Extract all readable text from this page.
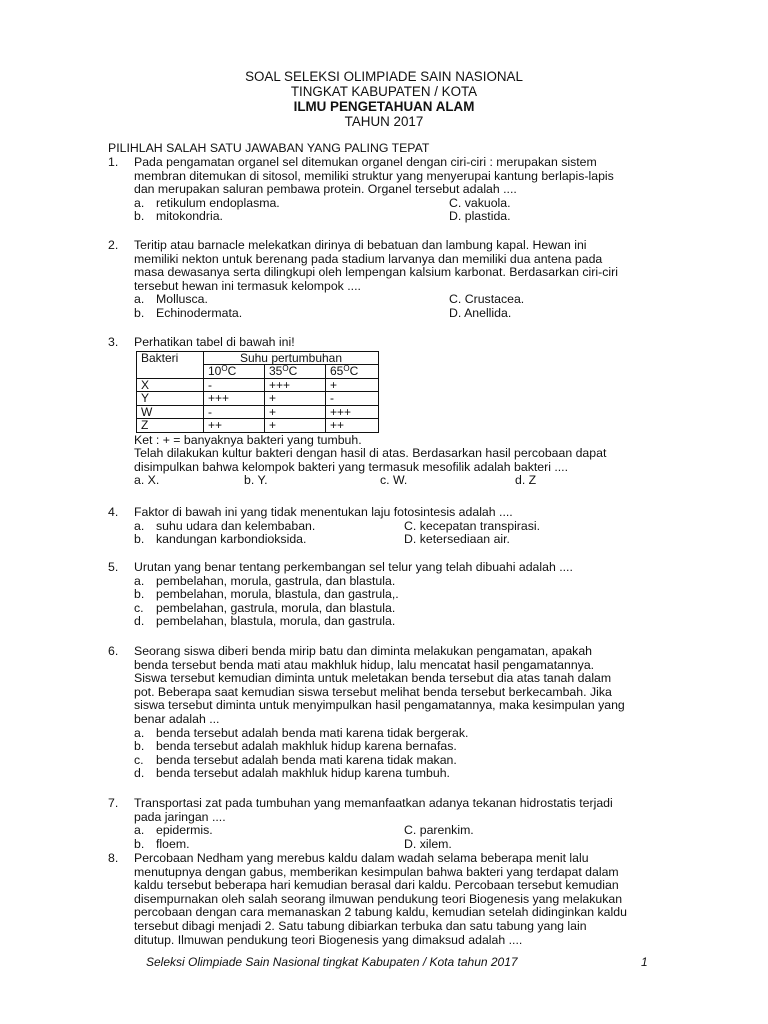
SOAL SELEKSI OLIMPIADE SAIN NASIONAL
TINGKAT KABUPATEN / KOTA
ILMU PENGETAHUAN ALAM
TAHUN 2017
PILIHLAH SALAH SATU JAWABAN YANG PALING TEPAT
1. Pada pengamatan organel sel ditemukan organel dengan ciri-ciri : merupakan sistem
membran ditemukan di sitosol, memiliki struktur yang menyerupai kantung berlapis-lapis
dan merupakan saluran pembawa protein. Organel tersebut adalah ....
a. retikulum endoplasma.	C. vakuola.
b. mitokondria.	D. plastida.
2. Teritip atau barnacle melekatkan dirinya di bebatuan dan lambung kapal. Hewan ini
memiliki nekton untuk berenang pada stadium larvanya dan memiliki dua antena pada
masa dewasanya serta dilingkupi oleh lempengan kalsium karbonat. Berdasarkan ciri-ciri
tersebut hewan ini termasuk kelompok ....
a. Mollusca.	C. Crustacea.
b. Echinodermata.	D. Anellida.
3. Perhatikan tabel di bawah ini!
Bakteri	Suhu pertumbuhan		
	$10^OC$	$35^OC$	$65^OC$
X	-	+++	+
Y	+++	+	-
W	-	+	+++
Z	++	+	++
Ket : + = banyaknya bakteri yang tumbuh.
Telah dilakukan kultur bakteri dengan hasil di atas. Berdasarkan hasil percobaan dapat
disimpulkan bahwa kelompok bakteri yang termasuk mesofilik adalah bakteri ....
a. X.	b. Y.	c. W.	d. Z
4. Faktor di bawah ini yang tidak menentukan laju fotosintesis adalah ....
a. suhu udara dan kelembaban.	C. kecepatan transpirasi.
b. kandungan karbondioksida.	D. ketersediaan air.
5. Urutan yang benar tentang perkembangan sel telur yang telah dibuahi adalah ....
a. pembelahan, morula, gastrula, dan blastula.
b. pembelahan, morula, blastula, dan gastrula,.
c. pembelahan, gastrula, morula, dan blastula.
d. pembelahan, blastula, morula, dan gastrula.
6. Seorang siswa diberi benda mirip batu dan diminta melakukan pengamatan, apakah
benda tersebut benda mati atau makhluk hidup, lalu mencatat hasil pengamatannya.
Siswa tersebut kemudian diminta untuk meletakan benda tersebut dia atas tanah dalam
pot. Beberapa saat kemudian siswa tersebut melihat benda tersebut berkecambah. Jika
siswa tersebut diminta untuk menyimpulkan hasil pengamatannya, maka kesimpulan yang
benar adalah ...
a. benda tersebut adalah benda mati karena tidak bergerak.
b. benda tersebut adalah makhluk hidup karena bernafas.
c. benda tersebut adalah benda mati karena tidak makan.
d. benda tersebut adalah makhluk hidup karena tumbuh.
7. Transportasi zat pada tumbuhan yang memanfaatkan adanya tekanan hidrostatis terjadi
pada jaringan ....
a. epidermis.	C. parenkim.
b. floem.	D. xilem.
8. Percobaan Nedham yang merebus kaldu dalam wadah selama beberapa menit lalu
menutupnya dengan gabus, memberikan kesimpulan bahwa bakteri yang terdapat dalam
kaldu tersebut beberapa hari kemudian berasal dari kaldu. Percobaan tersebut kemudian
disempurnakan oleh salah seorang ilmuwan pendukung teori Biogenesis yang melakukan
percobaan dengan cara memanaskan 2 tabung kaldu, kemudian setelah didinginkan kaldu
tersebut dibagi menjadi 2. Satu tabung dibiarkan terbuka dan satu tabung yang lain
ditutup. Ilmuwan pendukung teori Biogenesis yang dimaksud adalah ....
Seleksi Olimpiade Sain Nasional tingkat Kabupaten / Kota tahun 2017	1
